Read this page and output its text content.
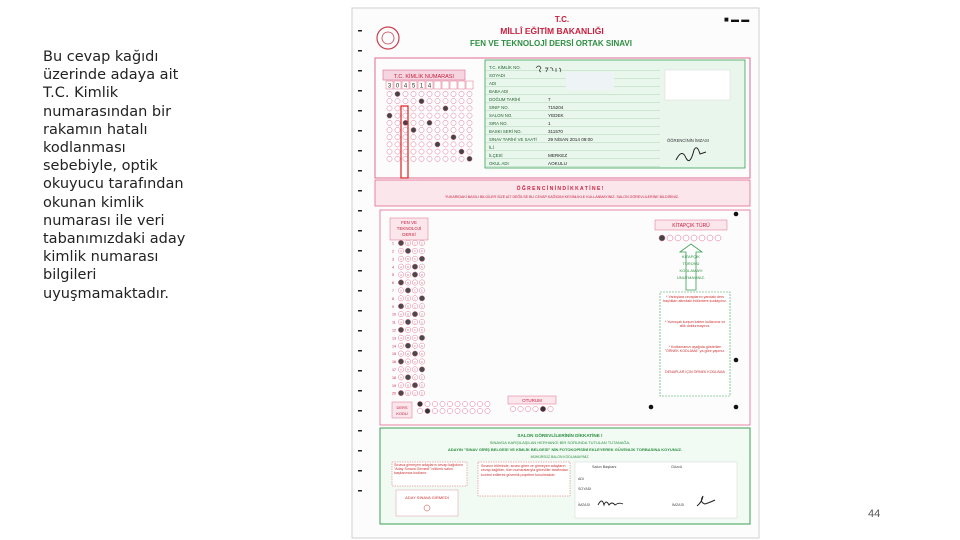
Bu cevap kağıdı
üzerinde adaya ait
T.C. Kimlik
numarasından bir
rakamın hatalı
kodlanması
sebebiyle, optik
okuyucu tarafından
okunan kimlik
numarası ile veri
tabanımızdaki aday
kimlik numarası
bilgileri
uyuşmamaktadır.
T.C.
MİLLÎ EĞİTİM BAKANLIĞI
FEN VE TEKNOLOJİ DERSİ ORTAK SINAVI
■ ▬ ▬
T.C. KİMLİK NUMARASI
3 0 4 5 1 4
T.C. KİMLİK NO.
SOYADI
ADI
BABA ADI
DOĞUM TARİHİ	7
SINIF NO.	715204
SALON NO.	YEDEK
SIRA NO.	1
BASKI SERİ NO.	311570
SINAV TARİHİ VE SAATİ 29 NİSAN 2014 09:00
İLİ
İLÇESİ	MERKEZ
OKUL ADI	AOKULU
ÖĞRENCİNİN İMZASI
Ö Ğ R E N C İ N İ N D İ K K A T İ N E !
YUKARIDAKİ BASILI BİLGİLER SİZE AİT DEĞİLSE BU CEVAP KAĞIDINI KESİNLİKLE KULLANMAYINIZ. SALON GÖREVLİLERİNE BİLDİRİNİZ.
FEN VE
TEKNOLOJİ
DERSİ
1	B C D
2 A	C D
3 A B C
4 A B	D
5 A B	D
6	B C D
7 A	C D
8 A B C
9	B C D
10 A B	D
11 A	C D
12	B C D
13 A B C
14 A	C D
15 A B	D
16	B C D
17 A B C
18 A	C D
19 A B	D
20	B C D
KİTAPÇIK TÜRÜ
KİTAPÇIK
TÜRÜNÜ
KODLAMAYI
UNUTMAYINIZ.
* Yanlışlara cevaplarını yandaki ders başlıkları altındaki bölümlere kodlayınız.
* Yumuşak kurşun kalem kullanınız ve silik doldurmayınız.
* Kodlamanızı aşağıda gösterilen "ÖRNEK KODLAMA" ya göre yapınız.
DENAPLAR İÇİN ÖRNEK KODLAMA
DERS
KODU
OTURUM
SALON GÖREVLİLERİNİN DİKKATİNE !
SINAVDA KARŞILAŞILAN HERHANGİ BİR SORUNDA TUTULAN TUTANAĞA,
ADAYIN "SINAV GİRİŞ BELGESİ VE KİMLİK BELGESİ" NİN FOTOKOPİSİNİ EKLEYEREK GÜVENLİK TORBASINA KOYUNUZ.
MÜHÜRSÜZ BALON KODLAMAYINIZ.
Sınava girmeyen adayların cevap kağıdının "Aday Sınava Girmedi" bölümü salon başkanınca kodlanır.
ADAY SINAVA GİRMEDİ
Sınavın bitiminde, sınavı giren ve girmeyen adayların cevap kağıtları, tüm numaralarıyla görevliler tarafından kontrol edilerek güvenlik poşetine konulmalıdır.
Salon Başkanı	Gözcü
ADI
SOYADI
İMZASI	İMZASI
44
